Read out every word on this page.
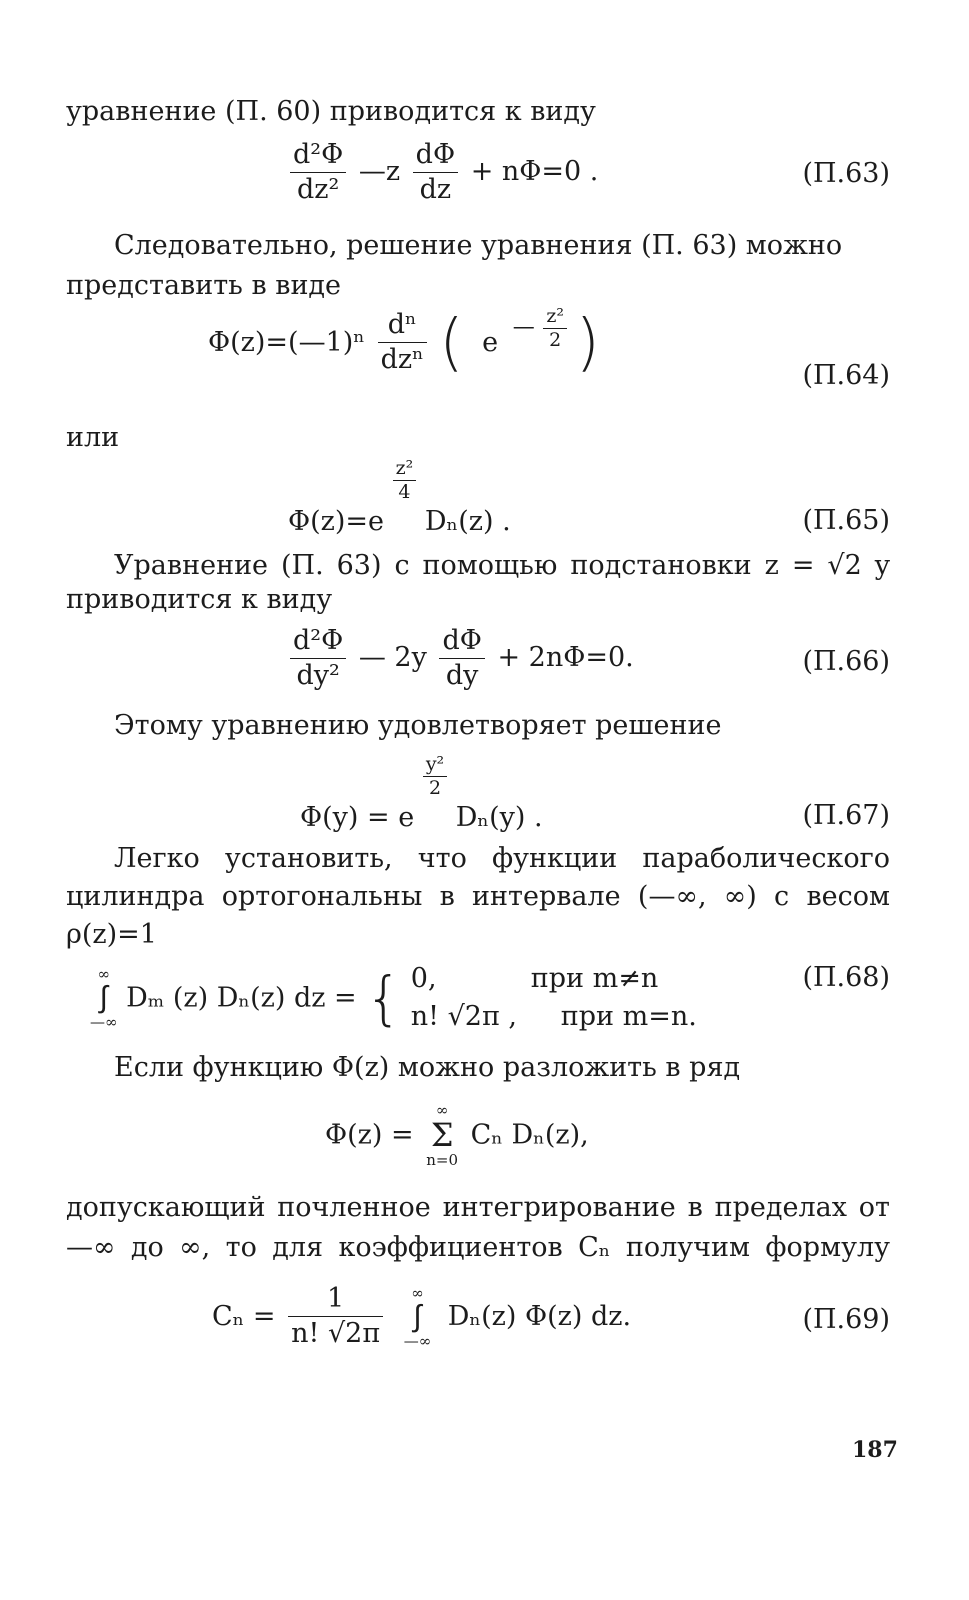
уравнение (П. 60) приводится к виду

$\frac{\text{d²Φ}}{\text{dz²}}$ —z $\frac{d\Phi}{dz} + n\Phi=0$ .	(П.63)

Следовательно, решение уравнения (П. 63) можно представить в виде

Φ(z)=(—1)ⁿ $\frac{\text{dⁿ}}{\text{dzⁿ}}$ ( e — $\frac{\text{z²}}{2}$ )	(П.64)

или

Φ(z)=e
$\frac{\text{z²}}{4}$
Dₙ(z) .	(П.65)

Уравнение (П. 63) с помощью подстановки z = √2 y

приводится к виду

$\frac{\text{d²Φ}}{\text{dy²}}$ — $2y \frac{d\Phi}{dy} + 2n\Phi=0$.	(П.66)

Этому уравнению удовлетворяет решение

Φ(y) = e
$\frac{\text{y²}}{2}$
Dₙ(y) .	(П.67)

Легко установить, что функции параболического цилиндра ортогональны в интервале (—∞, ∞) с весом ρ(z)=1

∞
∫
—∞
Dₘ (z) Dₙ(z) dz = { 0,	при m≠n
n! √2π , при m=n.
(П.68)

Если функцию Φ(z) можно разложить в ряд

Φ(z) =
∞
Σ
n=0
Cₙ Dₙ(z),

допускающий почленное интегрирование в пределах от —∞ до ∞, то для коэффициентов Cₙ получим формулу

$C_n = \frac{1}{n! √2\pi}$
	∞
∫
—∞
Dₙ(z) Φ(z) dz.	(П.69)
187
